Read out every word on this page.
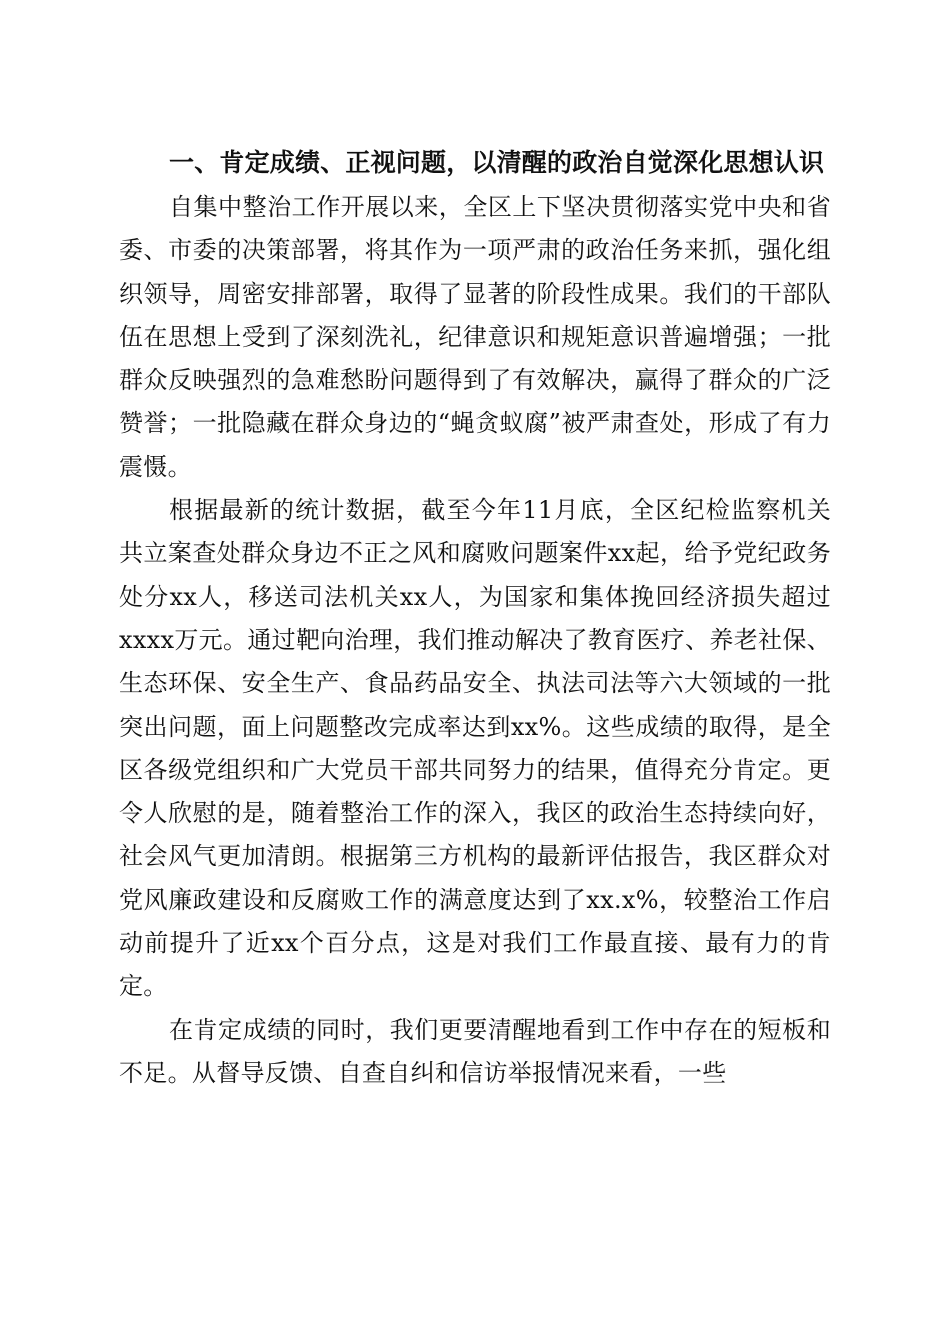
一、肯定成绩、正视问题，以清醒的政治自觉深化思想认识

自集中整治工作开展以来，全区上下坚决贯彻落实党中央和省委、市委的决策部署，将其作为一项严肃的政治任务来抓，强化组织领导，周密安排部署，取得了显著的阶段性成果。我们的干部队伍在思想上受到了深刻洗礼，纪律意识和规矩意识普遍增强；一批群众反映强烈的急难愁盼问题得到了有效解决，赢得了群众的广泛赞誉；一批隐藏在群众身边的“蝇贪蚁腐”被严肃查处，形成了有力震慑。

根据最新的统计数据，截至今年11月底，全区纪检监察机关共立案查处群众身边不正之风和腐败问题案件xx起，给予党纪政务处分xx人，移送司法机关xx人，为国家和集体挽回经济损失超过xxxx万元。通过靶向治理，我们推动解决了教育医疗、养老社保、生态环保、安全生产、食品药品安全、执法司法等六大领域的一批突出问题，面上问题整改完成率达到xx%。这些成绩的取得，是全区各级党组织和广大党员干部共同努力的结果，值得充分肯定。更令人欣慰的是，随着整治工作的深入，我区的政治生态持续向好，社会风气更加清朗。根据第三方机构的最新评估报告，我区群众对党风廉政建设和反腐败工作的满意度达到了xx.x%，较整治工作启动前提升了近xx个百分点，这是对我们工作最直接、最有力的肯定。

在肯定成绩的同时，我们更要清醒地看到工作中存在的短板和不足。从督导反馈、自查自纠和信访举报情况来看，一些
